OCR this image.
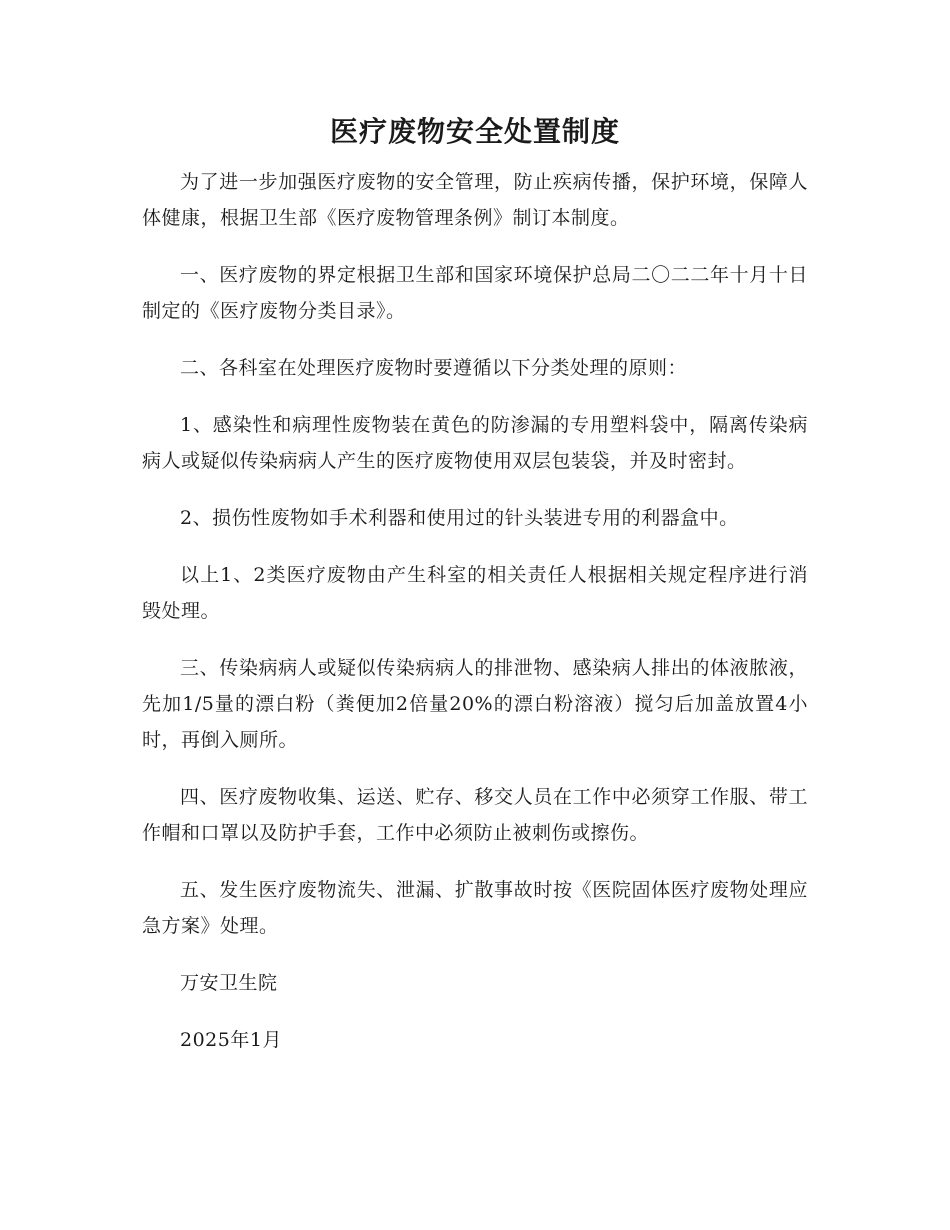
医疗废物安全处置制度

为了进一步加强医疗废物的安全管理，防止疾病传播，保护环境，保障人体健康，根据卫生部《医疗废物管理条例》制订本制度。

一、医疗废物的界定根据卫生部和国家环境保护总局二〇二二年十月十日制定的《医疗废物分类目录》。

二、各科室在处理医疗废物时要遵循以下分类处理的原则：

1、感染性和病理性废物装在黄色的防渗漏的专用塑料袋中，隔离传染病病人或疑似传染病病人产生的医疗废物使用双层包装袋，并及时密封。

2、损伤性废物如手术利器和使用过的针头装进专用的利器盒中。

以上1、2类医疗废物由产生科室的相关责任人根据相关规定程序进行消毁处理。

三、传染病病人或疑似传染病病人的排泄物、感染病人排出的体液脓液，先加1/5量的漂白粉（粪便加2倍量20%的漂白粉溶液）搅匀后加盖放置4小时，再倒入厕所。

四、医疗废物收集、运送、贮存、移交人员在工作中必须穿工作服、带工作帽和口罩以及防护手套，工作中必须防止被刺伤或擦伤。

五、发生医疗废物流失、泄漏、扩散事故时按《医院固体医疗废物处理应急方案》处理。

万安卫生院

2025年1月
